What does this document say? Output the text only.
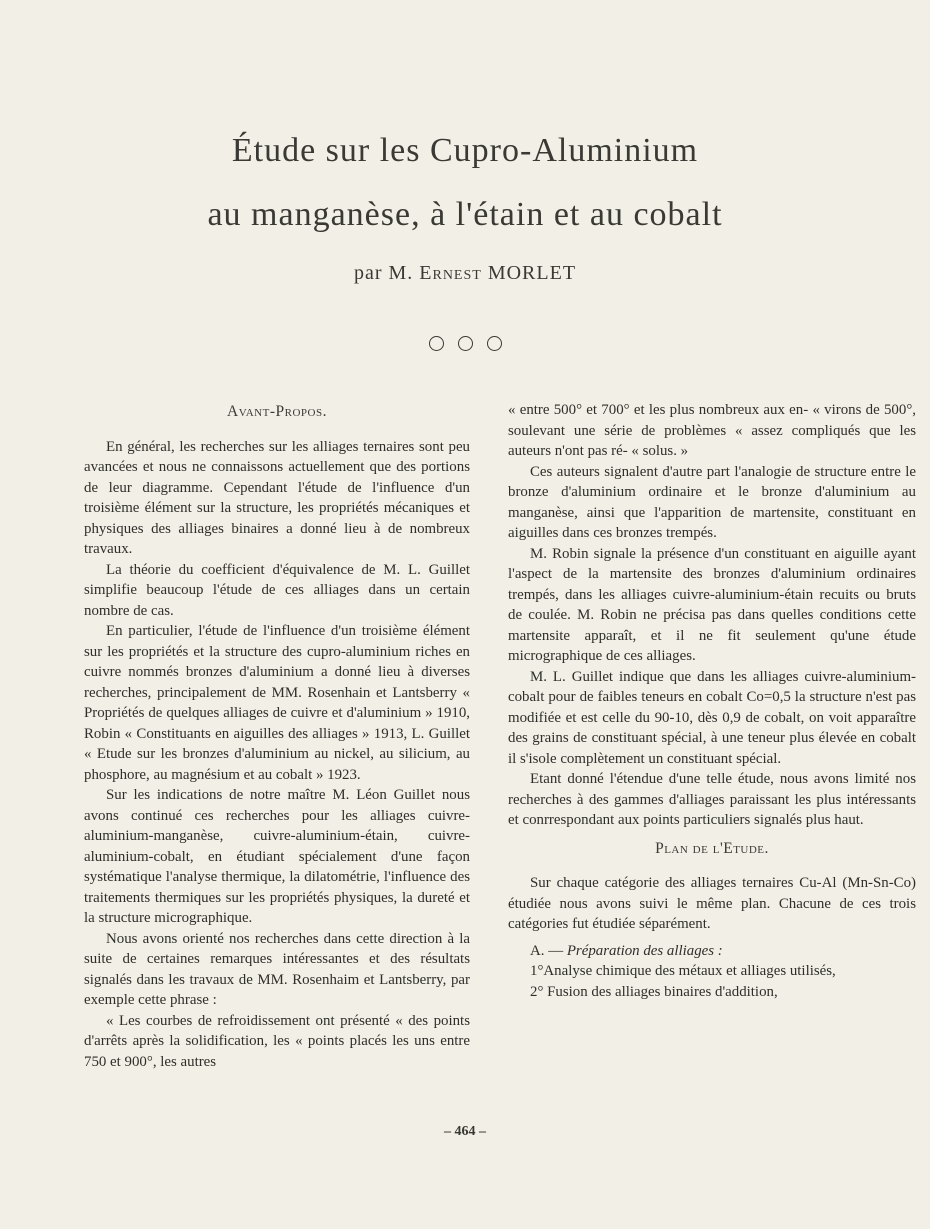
Étude sur les Cupro-Aluminium
au manganèse, à l'étain et au cobalt
par M. Ernest MORLET
Avant-Propos.

En général, les recherches sur les alliages ternaires sont peu avancées et nous ne connaissons actuellement que des portions de leur diagramme. Cependant l'étude de l'influence d'un troisième élément sur la structure, les propriétés mécaniques et physiques des alliages binaires a donné lieu à de nombreux travaux.

La théorie du coefficient d'équivalence de M. L. Guillet simplifie beaucoup l'étude de ces alliages dans un certain nombre de cas.

En particulier, l'étude de l'influence d'un troisième élément sur les propriétés et la structure des cupro-aluminium riches en cuivre nommés bronzes d'aluminium a donné lieu à diverses recherches, principalement de MM. Rosenhain et Lantsberry « Propriétés de quelques alliages de cuivre et d'aluminium » 1910, Robin « Constituants en aiguilles des alliages » 1913, L. Guillet « Etude sur les bronzes d'aluminium au nickel, au silicium, au phosphore, au magnésium et au cobalt » 1923.

Sur les indications de notre maître M. Léon Guillet nous avons continué ces recherches pour les alliages cuivre-aluminium-manganèse, cuivre-aluminium-étain, cuivre-aluminium-cobalt, en étudiant spécialement d'une façon systématique l'analyse thermique, la dilatométrie, l'influence des traitements thermiques sur les propriétés physiques, la dureté et la structure micrographique.

Nous avons orienté nos recherches dans cette direction à la suite de certaines remarques intéressantes et des résultats signalés dans les travaux de MM. Rosenhaim et Lantsberry, par exemple cette phrase :

« Les courbes de refroidissement ont présenté « des points d'arrêts après la solidification, les « points placés les uns entre 750 et 900°, les autres

« entre 500° et 700° et les plus nombreux aux en- « virons de 500°, soulevant une série de problèmes « assez compliqués que les auteurs n'ont pas ré- « solus. »

Ces auteurs signalent d'autre part l'analogie de structure entre le bronze d'aluminium ordinaire et le bronze d'aluminium au manganèse, ainsi que l'apparition de martensite, constituant en aiguilles dans ces bronzes trempés.

M. Robin signale la présence d'un constituant en aiguille ayant l'aspect de la martensite des bronzes d'aluminium ordinaires trempés, dans les alliages cuivre-aluminium-étain recuits ou bruts de coulée. M. Robin ne précisa pas dans quelles conditions cette martensite apparaît, et il ne fit seulement qu'une étude micrographique de ces alliages.

M. L. Guillet indique que dans les alliages cuivre-aluminium-cobalt pour de faibles teneurs en cobalt Co=0,5 la structure n'est pas modifiée et est celle du 90-10, dès 0,9 de cobalt, on voit apparaître des grains de constituant spécial, à une teneur plus élevée en cobalt il s'isole complètement un constituant spécial.

Etant donné l'étendue d'une telle étude, nous avons limité nos recherches à des gammes d'alliages paraissant les plus intéressants et conrrespondant aux points particuliers signalés plus haut.

Plan de l'Etude.

Sur chaque catégorie des alliages ternaires Cu-Al (Mn-Sn-Co) étudiée nous avons suivi le même plan. Chacune de ces trois catégories fut étudiée séparément.

A. — Préparation des alliages :

1°Analyse chimique des métaux et alliages utilisés,

2° Fusion des alliages binaires d'addition,

– 464 –
